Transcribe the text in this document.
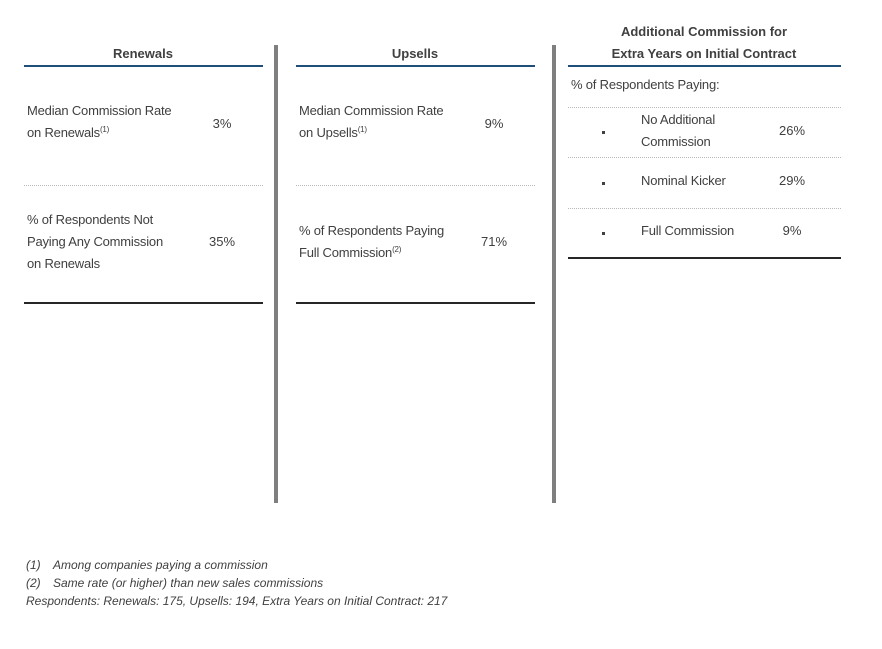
Renewals
Median Commission Rate
on Renewals$^{(1)}$	3%
% of Respondents Not
Paying Any Commission
on Renewals
35%
Upsells
Median Commission Rate
on Upsells$^{(1)}$	9%
% of Respondents Paying
Full Commission$^{(2)}$
71%
Additional Commission for
Extra Years on Initial Contract
% of Respondents Paying:
No Additional
Commission
26%
Nominal Kicker	29%
Full Commission	9%
(1) Among companies paying a commission
(2) Same rate (or higher) than new sales commissions
Respondents: Renewals: 175, Upsells: 194, Extra Years on Initial Contract: 217
